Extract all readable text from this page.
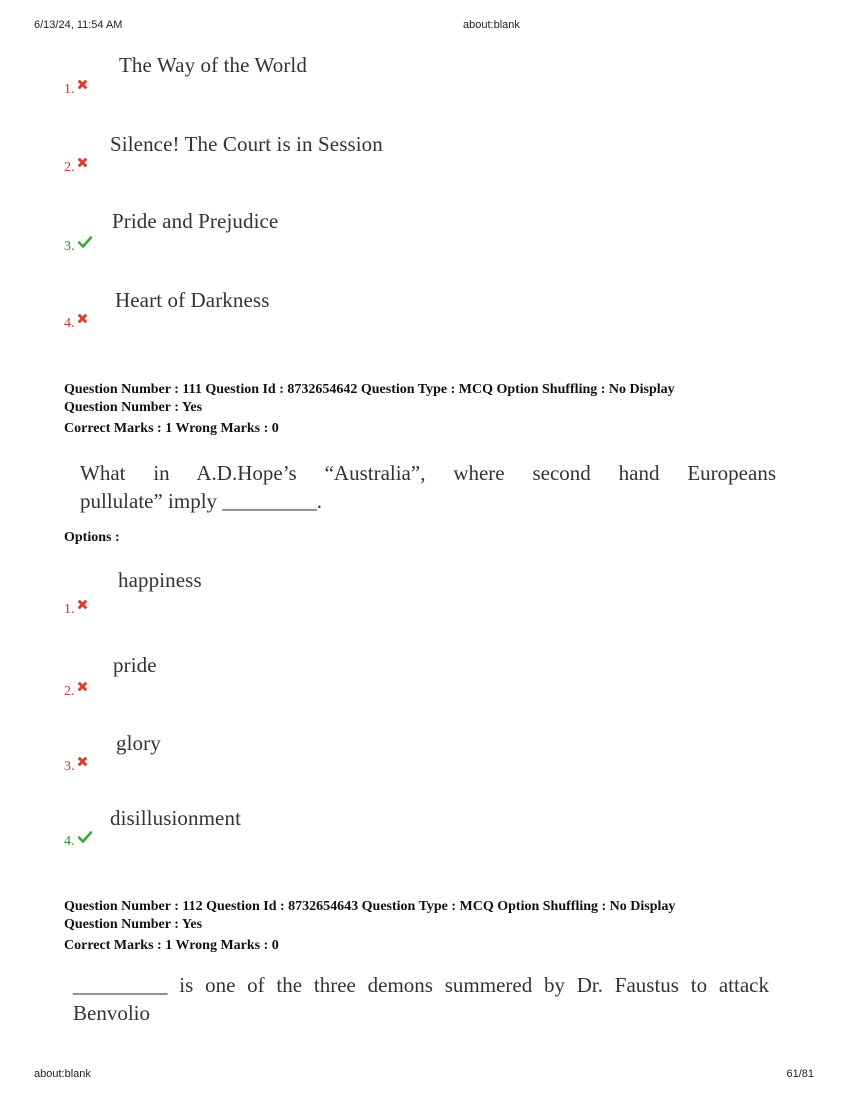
6/13/24, 11:54 AM	about:blank
The Way of the World
1.
Silence! The Court is in Session
2.
Pride and Prejudice
3.
Heart of Darkness
4.
Question Number : 111 Question Id : 8732654642 Question Type : MCQ Option Shuffling : No Display
Question Number : Yes
Correct Marks : 1 Wrong Marks : 0
What in A.D.Hope’s “Australia”, where second hand Europeans
pullulate” imply _________.
Options :
happiness
1.
pride
2.
glory
3.
disillusionment
4.
Question Number : 112 Question Id : 8732654643 Question Type : MCQ Option Shuffling : No Display
Question Number : Yes
Correct Marks : 1 Wrong Marks : 0
_________ is one of the three demons summered by Dr. Faustus to attack
Benvolio
about:blank	61/81
